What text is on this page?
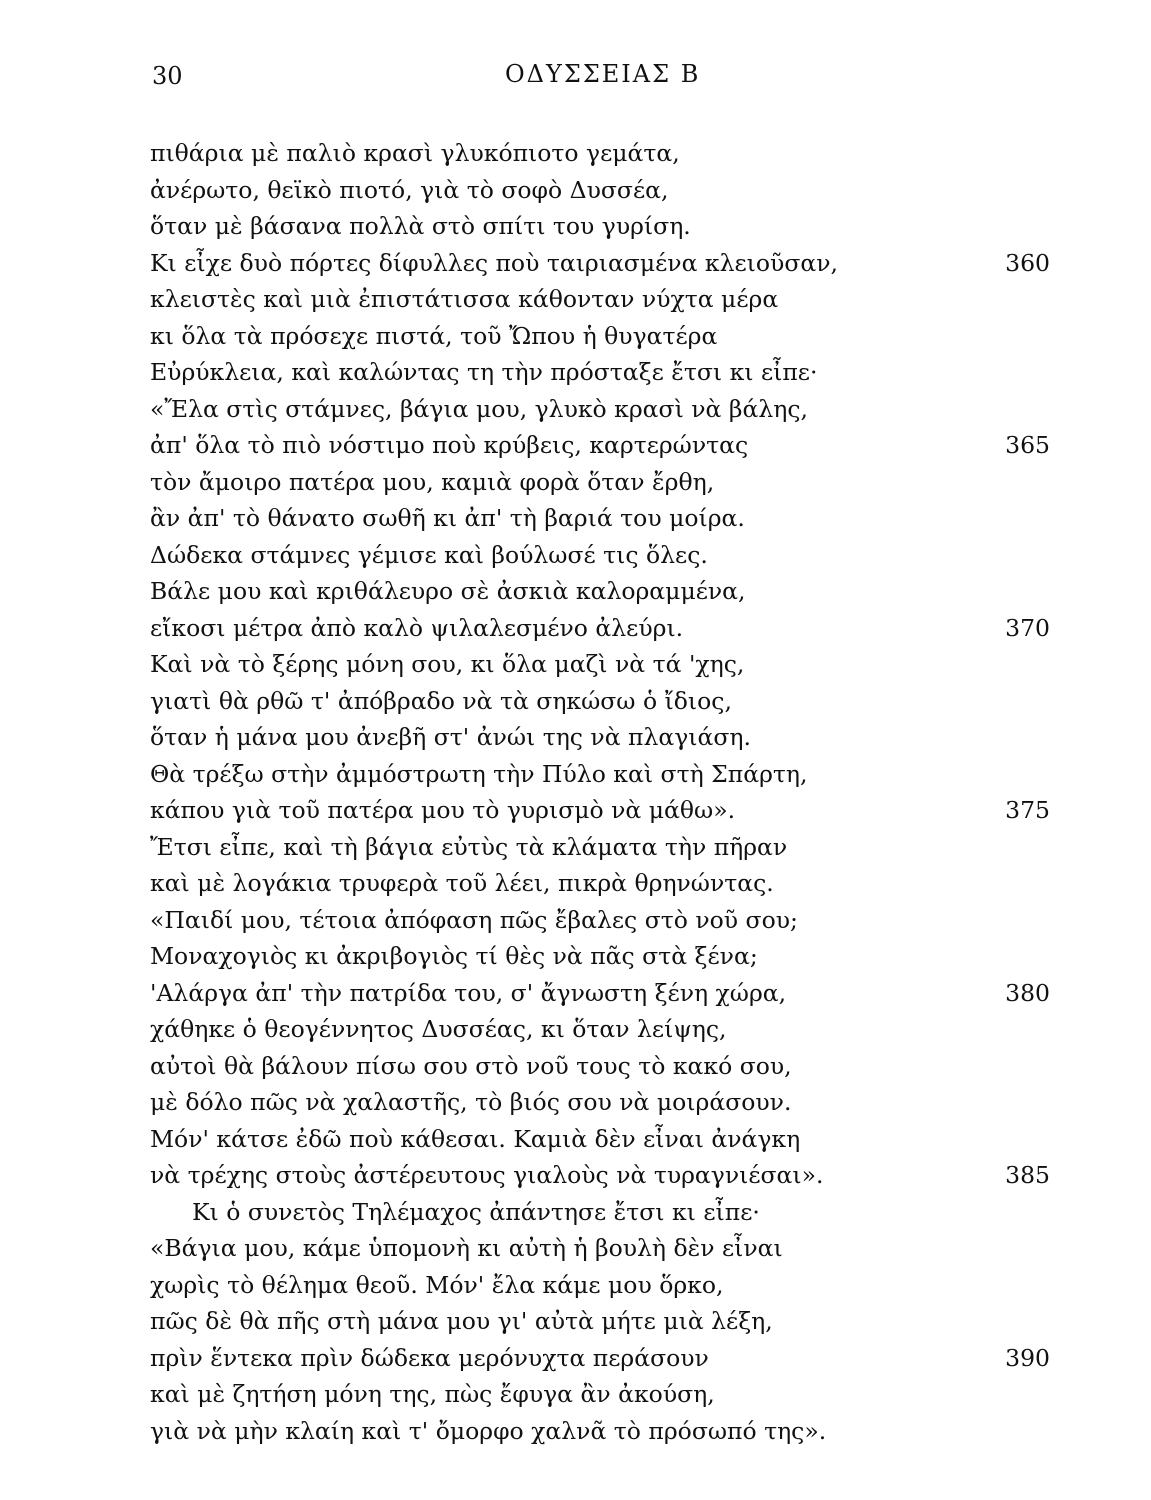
30	ΟΔΥΣΣΕΙΑΣ Β
πιθάρια μὲ παλιὸ κρασὶ γλυκόπιοτο γεμάτα,
ἀνέρωτο, θεϊκὸ πιοτό, γιὰ τὸ σοφὸ Δυσσέα,
ὅταν μὲ βάσανα πολλὰ στὸ σπίτι του γυρίση.
Κι εἶχε δυὸ πόρτες δίφυλλες ποὺ ταιριασμένα κλειοῦσαν,	360
κλειστὲς καὶ μιὰ ἐπιστάτισσα κάθονταν νύχτα μέρα
κι ὅλα τὰ πρόσεχε πιστά, τοῦ Ὤπου ἡ θυγατέρα
Εὐρύκλεια, καὶ καλώντας τη τὴν πρόσταξε ἔτσι κι εἶπε·
«Ἔλα στὶς στάμνες, βάγια μου, γλυκὸ κρασὶ νὰ βάλης,
ἀπ' ὅλα τὸ πιὸ νόστιμο ποὺ κρύβεις, καρτερώντας	365
τὸν ἄμοιρο πατέρα μου, καμιὰ φορὰ ὅταν ἔρθη,
ἂν ἀπ' τὸ θάνατο σωθῆ κι ἀπ' τὴ βαριά του μοίρα.
Δώδεκα στάμνες γέμισε καὶ βούλωσέ τις ὅλες.
Βάλε μου καὶ κριθάλευρο σὲ ἀσκιὰ καλοραμμένα,
εἴκοσι μέτρα ἀπὸ καλὸ ψιλαλεσμένο ἀλεύρι.	370
Καὶ νὰ τὸ ξέρης μόνη σου, κι ὅλα μαζὶ νὰ τά 'χης,
γιατὶ θὰ ρθῶ τ' ἀπόβραδο νὰ τὰ σηκώσω ὁ ἴδιος,
ὅταν ἡ μάνα μου ἀνεβῆ στ' ἀνώι της νὰ πλαγιάση.
Θὰ τρέξω στὴν ἀμμόστρωτη τὴν Πύλο καὶ στὴ Σπάρτη,
κάπου γιὰ τοῦ πατέρα μου τὸ γυρισμὸ νὰ μάθω».	375
Ἔτσι εἶπε, καὶ τὴ βάγια εὐτὺς τὰ κλάματα τὴν πῆραν
καὶ μὲ λογάκια τρυφερὰ τοῦ λέει, πικρὰ θρηνώντας.
«Παιδί μου, τέτοια ἀπόφαση πῶς ἔβαλες στὸ νοῦ σου;
Μοναχογιὸς κι ἀκριβογιὸς τί θὲς νὰ πᾶς στὰ ξένα;
'Αλάργα ἀπ' τὴν πατρίδα του, σ' ἄγνωστη ξένη χώρα,	380
χάθηκε ὁ θεογέννητος Δυσσέας, κι ὅταν λείψης,
αὐτοὶ θὰ βάλουν πίσω σου στὸ νοῦ τους τὸ κακό σου,
μὲ δόλο πῶς νὰ χαλαστῆς, τὸ βιός σου νὰ μοιράσουν.
Μόν' κάτσε ἐδῶ ποὺ κάθεσαι. Καμιὰ δὲν εἶναι ἀνάγκη
νὰ τρέχης στοὺς ἀστέρευτους γιαλοὺς νὰ τυραγνιέσαι».	385
Κι ὁ συνετὸς Τηλέμαχος ἀπάντησε ἔτσι κι εἶπε·
«Βάγια μου, κάμε ὑπομονὴ κι αὐτὴ ἡ βουλὴ δὲν εἶναι
χωρὶς τὸ θέλημα θεοῦ. Μόν' ἔλα κάμε μου ὅρκο,
πῶς δὲ θὰ πῆς στὴ μάνα μου γι' αὐτὰ μήτε μιὰ λέξη,
πρὶν ἕντεκα πρὶν δώδεκα μερόνυχτα περάσουν	390
καὶ μὲ ζητήση μόνη της, πὼς ἔφυγα ἂν ἀκούση,
γιὰ νὰ μὴν κλαίη καὶ τ' ὄμορφο χαλνᾶ τὸ πρόσωπό της».
